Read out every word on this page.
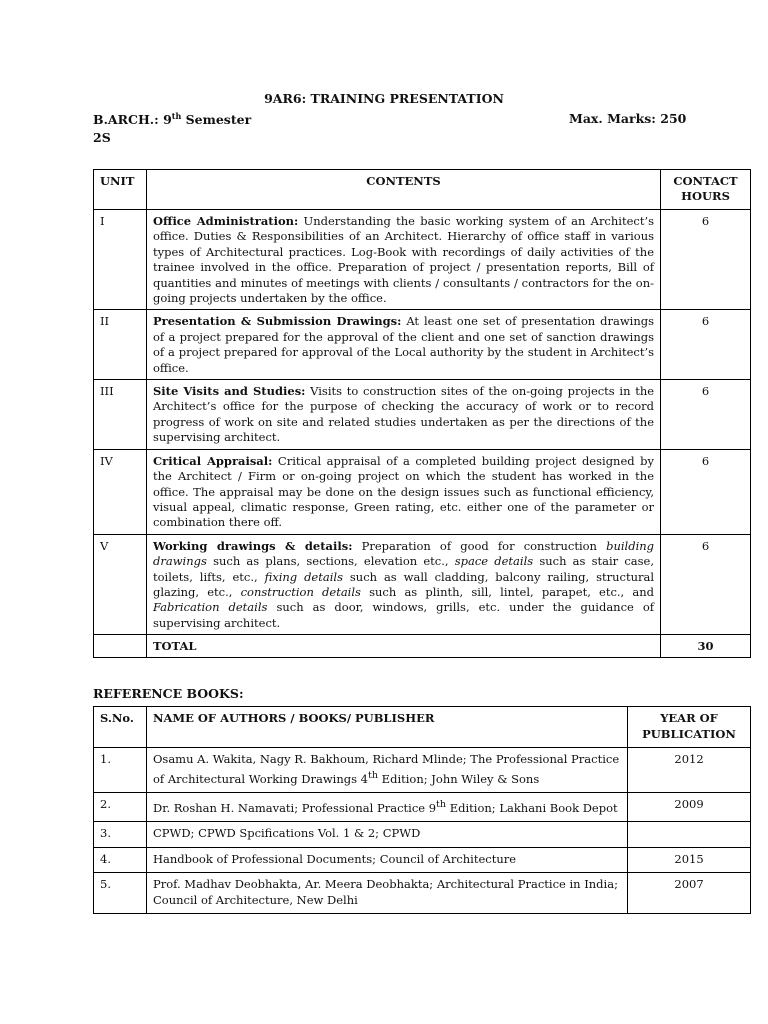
9AR6: TRAINING PRESENTATION
B.ARCH.: 9th Semester	Max. Marks: 250
2S
UNIT	CONTENTS	CONTACT HOURS
I	Office Administration: Understanding the basic working system of an Architect’s office. Duties & Responsibilities of an Architect. Hierarchy of office staff in various types of Architectural practices. Log-Book with recordings of daily activities of the trainee involved in the office. Preparation of project / presentation reports, Bill of quantities and minutes of meetings with clients / consultants / contractors for the on-going projects undertaken by the office.	6
II	Presentation & Submission Drawings: At least one set of presentation drawings of a project prepared for the approval of the client and one set of sanction drawings of a project prepared for approval of the Local authority by the student in Architect’s office.	6
III	Site Visits and Studies: Visits to construction sites of the on-going projects in the Architect’s office for the purpose of checking the accuracy of work or to record progress of work on site and related studies undertaken as per the directions of the supervising architect.	6
IV	Critical Appraisal: Critical appraisal of a completed building project designed by the Architect / Firm or on-going project on which the student has worked in the office. The appraisal may be done on the design issues such as functional efficiency, visual appeal, climatic response, Green rating, etc. either one of the parameter or combination there off.	6
V	Working drawings & details: Preparation of good for construction building drawings such as plans, sections, elevation etc., space details such as stair case, toilets, lifts, etc., fixing details such as wall cladding, balcony railing, structural glazing, etc., construction details such as plinth, sill, lintel, parapet, etc., and Fabrication details such as door, windows, grills, etc. under the guidance of supervising architect.	6
	TOTAL	30
REFERENCE BOOKS:
S.No.	NAME OF AUTHORS / BOOKS/ PUBLISHER	YEAR OF PUBLICATION
1.	Osamu A. Wakita, Nagy R. Bakhoum, Richard Mlinde; The Professional Practice of Architectural Working Drawings 4th Edition; John Wiley & Sons	2012
2.	Dr. Roshan H. Namavati; Professional Practice 9th Edition; Lakhani Book Depot	2009
3.	CPWD; CPWD Spcifications Vol. 1 & 2; CPWD	
4.	Handbook of Professional Documents; Council of Architecture	2015
5.	Prof. Madhav Deobhakta, Ar. Meera Deobhakta; Architectural Practice in India; Council of Architecture, New Delhi	2007
